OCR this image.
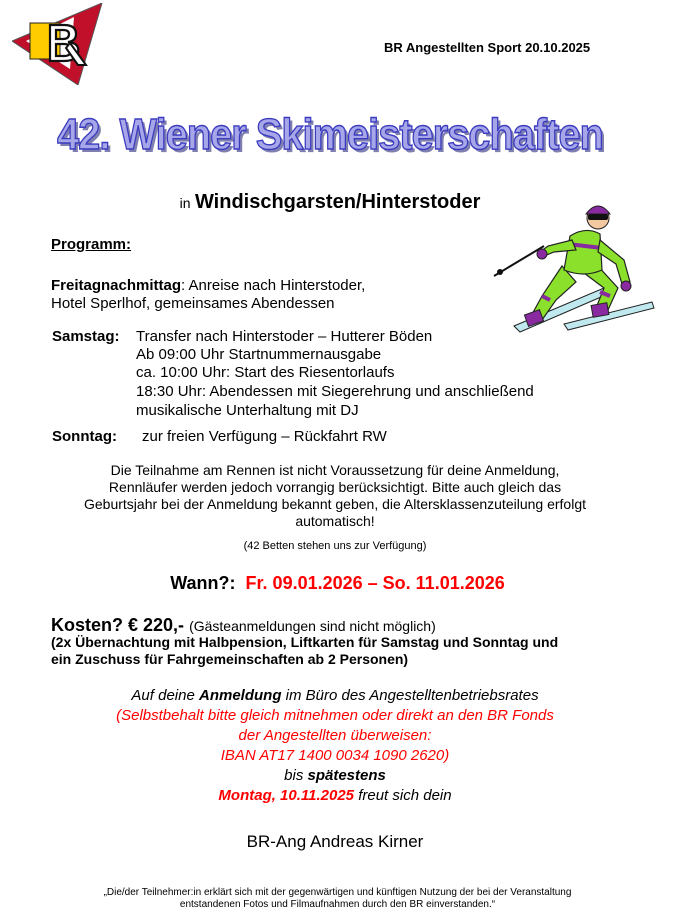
BR Angestellten Sport 20.10.2025
42. Wiener Skimeisterschaften
in Windischgarsten/Hinterstoder
Programm:
Freitagnachmittag: Anreise nach Hinterstoder,
Hotel Sperlhof, gemeinsames Abendessen
Samstag: Transfer nach Hinterstoder – Hutterer Böden
Ab 09:00 Uhr Startnummernausgabe
ca. 10:00 Uhr: Start des Riesentorlaufs
18:30 Uhr: Abendessen mit Siegerehrung und anschließend
musikalische Unterhaltung mit DJ
Sonntag: zur freien Verfügung – Rückfahrt RW
Die Teilnahme am Rennen ist nicht Voraussetzung für deine Anmeldung,
Rennläufer werden jedoch vorrangig berücksichtigt. Bitte auch gleich das
Geburtsjahr bei der Anmeldung bekannt geben, die Altersklassenzuteilung erfolgt
automatisch!
(42 Betten stehen uns zur Verfügung)
Wann?: Fr. 09.01.2026 – So. 11.01.2026
Kosten? € 220,- (Gästeanmeldungen sind nicht möglich)
(2x Übernachtung mit Halbpension, Liftkarten für Samstag und Sonntag und
ein Zuschuss für Fahrgemeinschaften ab 2 Personen)
Auf deine Anmeldung im Büro des Angestelltenbetriebsrates
(Selbstbehalt bitte gleich mitnehmen oder direkt an den BR Fonds
der Angestellten überweisen:
IBAN AT17 1400 0034 1090 2620)
bis spätestens
Montag, 10.11.2025 freut sich dein
BR-Ang Andreas Kirner
„Die/der Teilnehmer:in erklärt sich mit der gegenwärtigen und künftigen Nutzung der bei der Veranstaltung
entstandenen Fotos und Filmaufnahmen durch den BR einverstanden.“
